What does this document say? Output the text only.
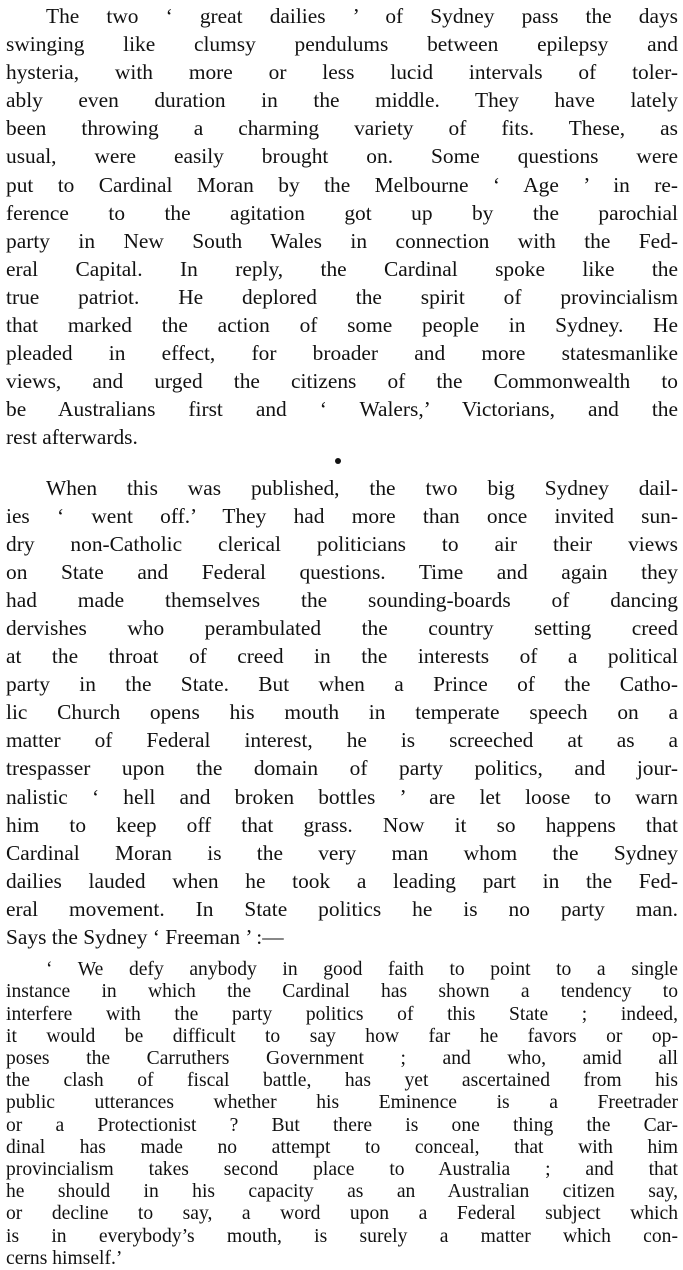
The two ‘ great dailies ’ of Sydney pass the days
swinging like clumsy pendulums between epilepsy and
hysteria, with more or less lucid intervals of toler-
ably even duration in the middle. They have lately
been throwing a charming variety of fits. These, as
usual, were easily brought on. Some questions were
put to Cardinal Moran by the Melbourne ‘ Age ’ in re-
ference to the agitation got up by the parochial
party in New South Wales in connection with the Fed-
eral Capital. In reply, the Cardinal spoke like the
true patriot. He deplored the spirit of provincialism
that marked the action of some people in Sydney. He
pleaded in effect, for broader and more statesmanlike
views, and urged the citizens of the Commonwealth to
be Australians first and ‘ Walers,’ Victorians, and the
rest afterwards.
When this was published, the two big Sydney dail-
ies ‘ went off.’ They had more than once invited sun-
dry non-Catholic clerical politicians to air their views
on State and Federal questions. Time and again they
had made themselves the sounding-boards of dancing
dervishes who perambulated the country setting creed
at the throat of creed in the interests of a political
party in the State. But when a Prince of the Catho-
lic Church opens his mouth in temperate speech on a
matter of Federal interest, he is screeched at as a
trespasser upon the domain of party politics, and jour-
nalistic ‘ hell and broken bottles ’ are let loose to warn
him to keep off that grass. Now it so happens that
Cardinal Moran is the very man whom the Sydney
dailies lauded when he took a leading part in the Fed-
eral movement. In State politics he is no party man.
Says the Sydney ‘ Freeman ’ :—
‘ We defy anybody in good faith to point to a single
instance in which the Cardinal has shown a tendency to
interfere with the party politics of this State ; indeed,
it would be difficult to say how far he favors or op-
poses the Carruthers Government ; and who, amid all
the clash of fiscal battle, has yet ascertained from his
public utterances whether his Eminence is a Freetrader
or a Protectionist ? But there is one thing the Car-
dinal has made no attempt to conceal, that with him
provincialism takes second place to Australia ; and that
he should in his capacity as an Australian citizen say,
or decline to say, a word upon a Federal subject which
is in everybody’s mouth, is surely a matter which con-
cerns himself.’
